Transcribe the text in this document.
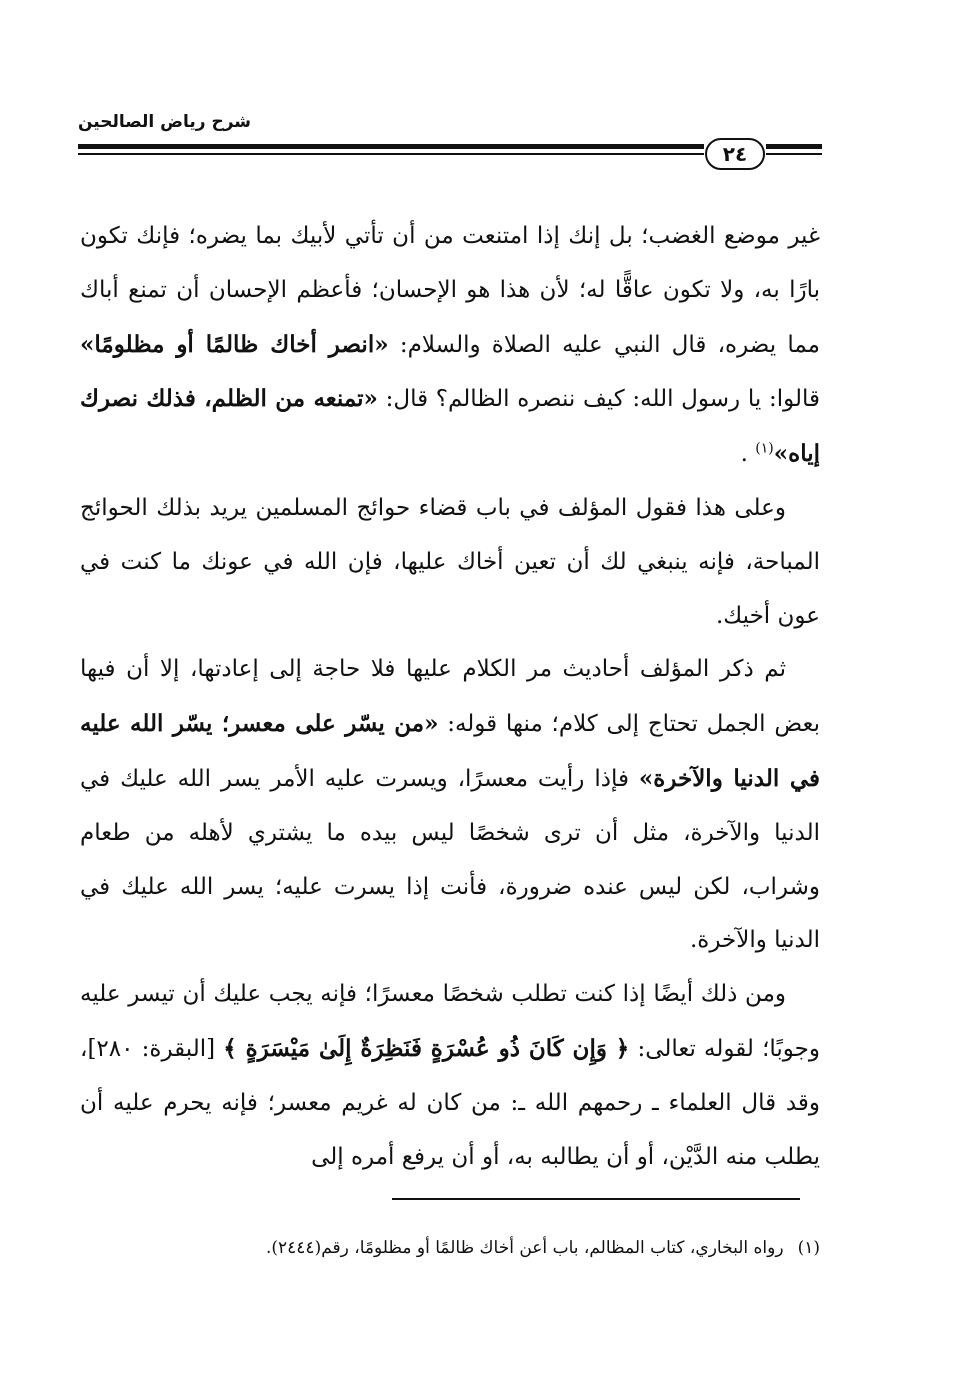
شرح رياض الصالحين
٢٤

غير موضع الغضب؛ بل إنك إذا امتنعت من أن تأتي لأبيك بما يضره؛ فإنك تكون بارًا به، ولا تكون عاقًّا له؛ لأن هذا هو الإحسان؛ فأعظم الإحسان أن تمنع أباك مما يضره، قال النبي عليه الصلاة والسلام: «انصر أخاك ظالمًا أو مظلومًا» قالوا: يا رسول الله: كيف ننصره الظالم؟ قال: «تمنعه من الظلم، فذلك نصرك إياه»$^{(١)}$ .

وعلى هذا فقول المؤلف في باب قضاء حوائج المسلمين يريد بذلك الحوائج المباحة، فإنه ينبغي لك أن تعين أخاك عليها، فإن الله في عونك ما كنت في عون أخيك.

ثم ذكر المؤلف أحاديث مر الكلام عليها فلا حاجة إلى إعادتها، إلا أن فيها بعض الجمل تحتاج إلى كلام؛ منها قوله: «من يسّر على معسر؛ يسّر الله عليه في الدنيا والآخرة» فإذا رأيت معسرًا، ويسرت عليه الأمر يسر الله عليك في الدنيا والآخرة، مثل أن ترى شخصًا ليس بيده ما يشتري لأهله من طعام وشراب، لكن ليس عنده ضرورة، فأنت إذا يسرت عليه؛ يسر الله عليك في الدنيا والآخرة.

ومن ذلك أيضًا إذا كنت تطلب شخصًا معسرًا؛ فإنه يجب عليك أن تيسر عليه وجوبًا؛ لقوله تعالى: ﴿ وَإِن كَانَ ذُو عُسْرَةٍ فَنَظِرَةٌ إِلَىٰ مَيْسَرَةٍ ﴾ [البقرة: ٢٨٠]، وقد قال العلماء ـ رحمهم الله ـ: من كان له غريم معسر؛ فإنه يحرم عليه أن يطلب منه الدَّيْن، أو أن يطالبه به، أو أن يرفع أمره إلى

(١)رواه البخاري، كتاب المظالم، باب أعن أخاك ظالمًا أو مظلومًا، رقم(٢٤٤٤).
